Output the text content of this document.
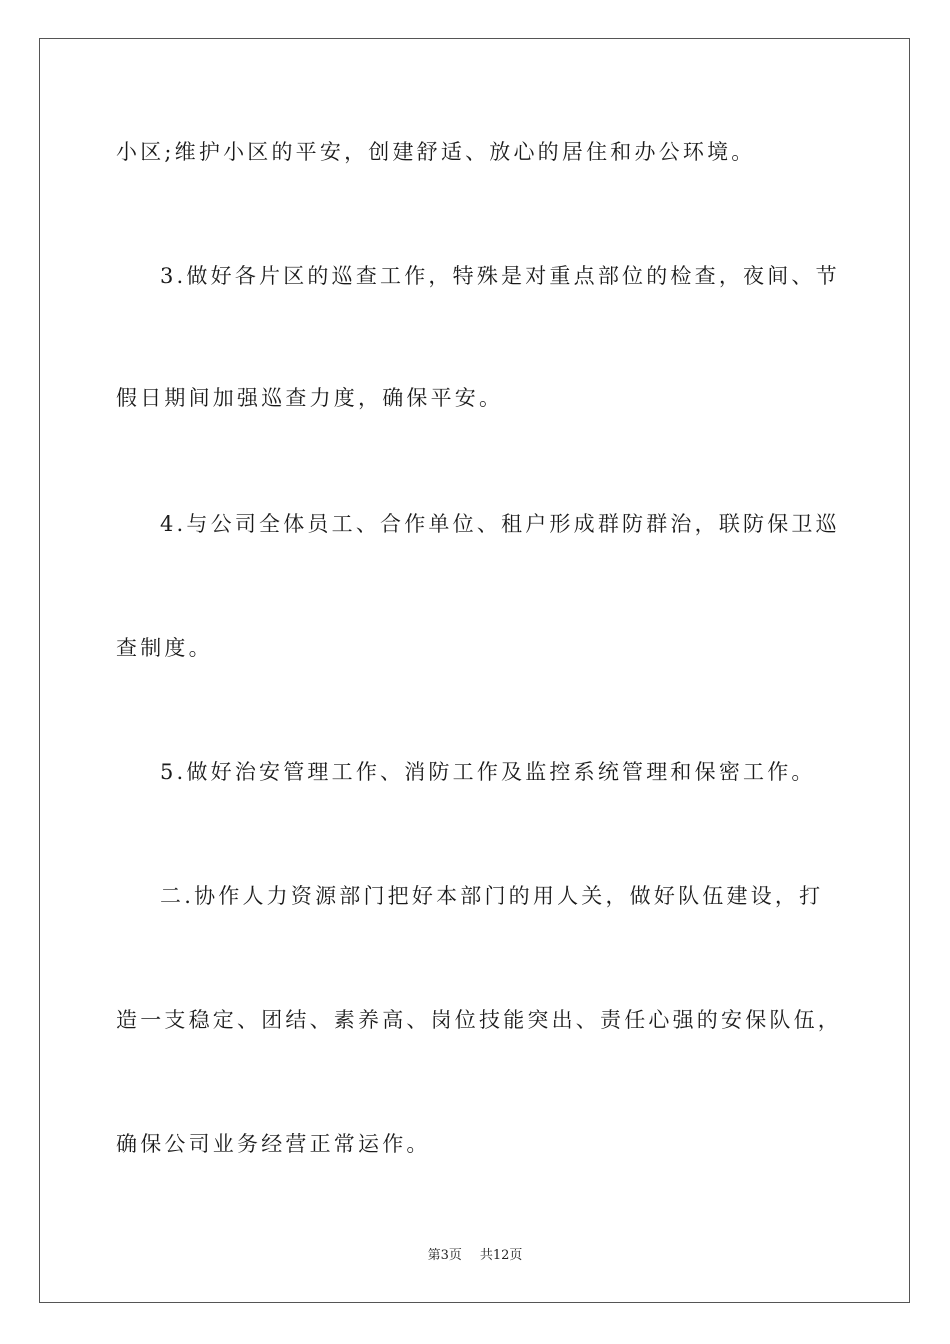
小区;维护小区的平安，创建舒适、放心的居住和办公环境。
3.做好各片区的巡查工作，特殊是对重点部位的检查，夜间、节
假日期间加强巡查力度，确保平安。
4.与公司全体员工、合作单位、租户形成群防群治，联防保卫巡
查制度。
5.做好治安管理工作、消防工作及监控系统管理和保密工作。
二.协作人力资源部门把好本部门的用人关，做好队伍建设，打
造一支稳定、团结、素养高、岗位技能突出、责任心强的安保队伍，
确保公司业务经营正常运作。
第3页 共12页
